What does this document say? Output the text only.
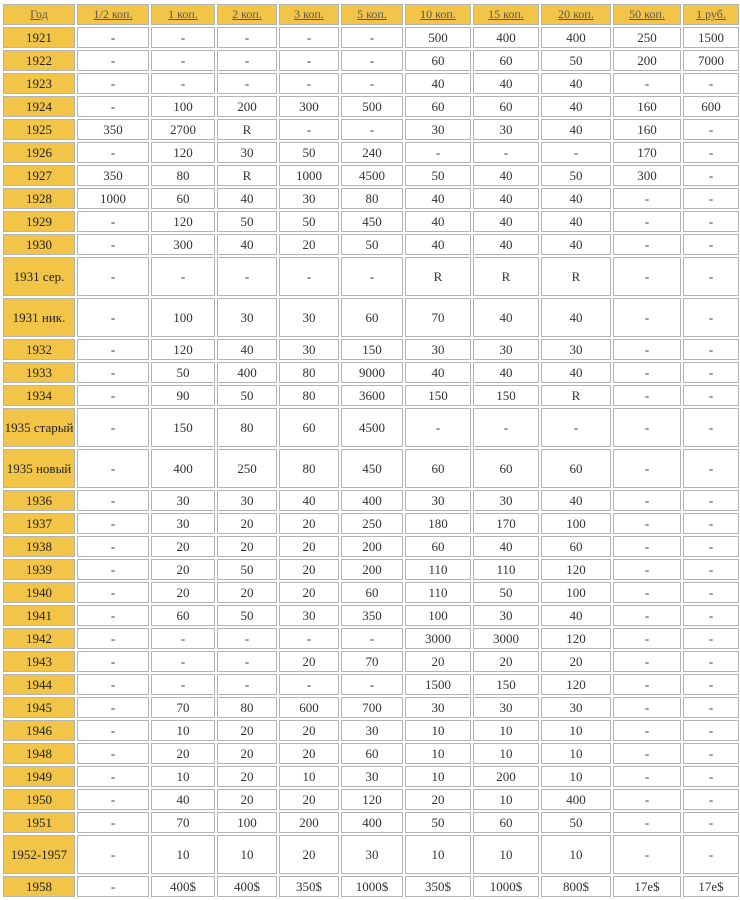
Год	1/2 коп.	1 коп.	2 коп.	3 коп.	5 коп.	10 коп.	15 коп.	20 коп.	50 коп.	1 руб.
1921	-	-	-	-	-	500	400	400	250	1500
1922	-	-	-	-	-	60	60	50	200	7000
1923	-	-	-	-	-	40	40	40	-	-
1924	-	100	200	300	500	60	60	40	160	600
1925	350	2700	R	-	-	30	30	40	160	-
1926	-	120	30	50	240	-	-	-	170	-
1927	350	80	R	1000	4500	50	40	50	300	-
1928	1000	60	40	30	80	40	40	40	-	-
1929	-	120	50	50	450	40	40	40	-	-
1930	-	300	40	20	50	40	40	40	-	-
1931 сер.	-	-	-	-	-	R	R	R	-	-
1931 ник.	-	100	30	30	60	70	40	40	-	-
1932	-	120	40	30	150	30	30	30	-	-
1933	-	50	400	80	9000	40	40	40	-	-
1934	-	90	50	80	3600	150	150	R	-	-
1935 старый	-	150	80	60	4500	-	-	-	-	-
1935 новый	-	400	250	80	450	60	60	60	-	-
1936	-	30	30	40	400	30	30	40	-	-
1937	-	30	20	20	250	180	170	100	-	-
1938	-	20	20	20	200	60	40	60	-	-
1939	-	20	50	20	200	110	110	120	-	-
1940	-	20	20	20	60	110	50	100	-	-
1941	-	60	50	30	350	100	30	40	-	-
1942	-	-	-	-	-	3000	3000	120	-	-
1943	-	-	-	20	70	20	20	20	-	-
1944	-	-	-	-	-	1500	150	120	-	-
1945	-	70	80	600	700	30	30	30	-	-
1946	-	10	20	20	30	10	10	10	-	-
1948	-	20	20	20	60	10	10	10	-	-
1949	-	10	20	10	30	10	200	10	-	-
1950	-	40	20	20	120	20	10	400	-	-
1951	-	70	100	200	400	50	60	50	-	-
1952-1957	-	10	10	20	30	10	10	10	-	-
1958	-	400$	400$	350$	1000$	350$	1000$	800$	17e$	17e$
